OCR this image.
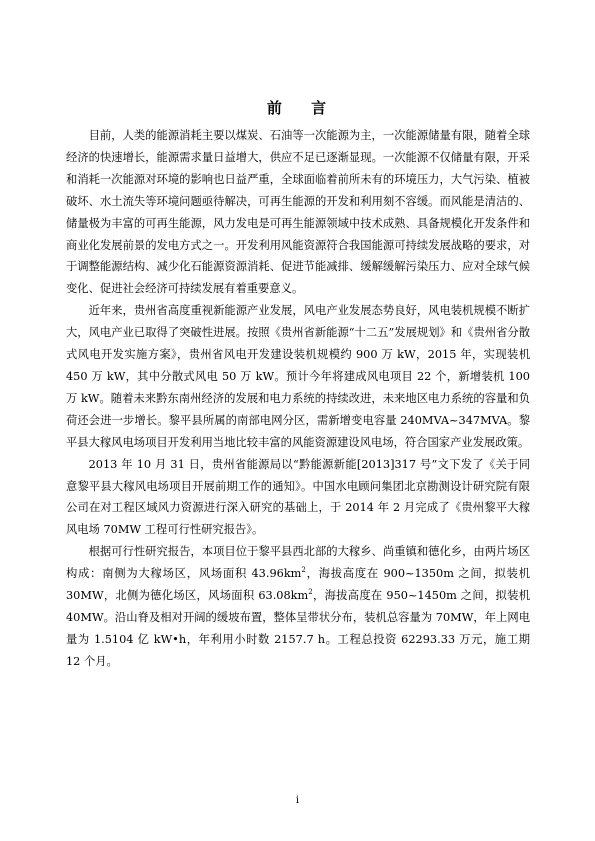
前 言

目前，人类的能源消耗主要以煤炭、石油等一次能源为主，一次能源储量有限，随着全球经济的快速增长，能源需求量日益增大，供应不足已逐渐显现。一次能源不仅储量有限，开采和消耗一次能源对环境的影响也日益严重，全球面临着前所未有的环境压力，大气污染、植被破坏、水土流失等环境问题亟待解决，可再生能源的开发和利用刻不容缓。而风能是清洁的、储量极为丰富的可再生能源，风力发电是可再生能源领域中技术成熟、具备规模化开发条件和商业化发展前景的发电方式之一。开发利用风能资源符合我国能源可持续发展战略的要求，对于调整能源结构、减少化石能源资源消耗、促进节能减排、缓解缓解污染压力、应对全球气候变化、促进社会经济可持续发展有着重要意义。

近年来，贵州省高度重视新能源产业发展，风电产业发展态势良好，风电装机规模不断扩大，风电产业已取得了突破性进展。按照《贵州省新能源“十二五”发展规划》和《贵州省分散式风电开发实施方案》，贵州省风电开发建设装机规模约 900 万 kW，2015 年，实现装机 450 万 kW，其中分散式风电 50 万 kW。预计今年将建成风电项目 22 个，新增装机 100 万 kW。随着未来黔东南州经济的发展和电力系统的持续改进，未来地区电力系统的容量和负荷还会进一步增长。黎平县所属的南部电网分区，需新增变电容量 240MVA~347MVA。黎平县大稼风电场项目开发利用当地比较丰富的风能资源建设风电场，符合国家产业发展政策。

2013 年 10 月 31 日，贵州省能源局以“黔能源新能[2013]317 号”文下发了《关于同意黎平县大稼风电场项目开展前期工作的通知》。中国水电顾问集团北京勘测设计研究院有限公司在对工程区域风力资源进行深入研究的基础上，于 2014 年 2 月完成了《贵州黎平大稼风电场 70MW 工程可行性研究报告》。

根据可行性研究报告，本项目位于黎平县西北部的大稼乡、尚重镇和德化乡，由两片场区构成：南侧为大稼场区，风场面积 $43.96km^2$，海拔高度在 900~1350m 之间，拟装机 30MW，北侧为德化场区，风场面积 $63.08km^2$，海拔高度在 950~1450m 之间，拟装机 40MW。沿山脊及相对开阔的缓坡布置，整体呈带状分布，装机总容量为 70MW，年上网电量为 1.5104 亿 kW•h，年利用小时数 2157.7 h。工程总投资 62293.33 万元，施工期 12 个月。

i
